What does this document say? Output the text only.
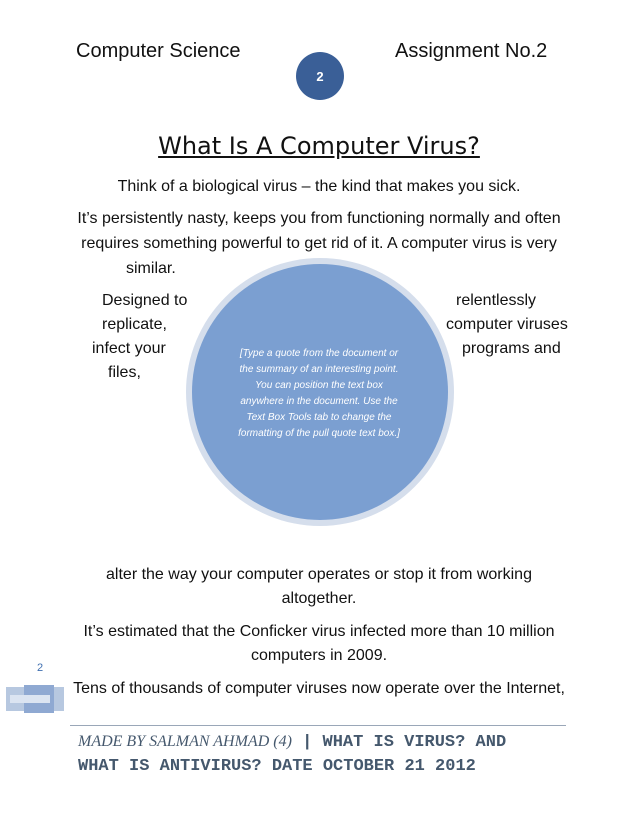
Computer Science	Assignment No.2
2
What Is A Computer Virus?
Think of a biological virus – the kind that makes you sick.
It’s persistently nasty, keeps you from functioning normally and often
requires something powerful to get rid of it. A computer virus is very
similar.
Designed to
replicate,
infect your
files,
relentlessly
computer viruses
programs and
[Type a quote from the document or
the summary of an interesting point.
You can position the text box
anywhere in the document. Use the
Text Box Tools tab to change the
formatting of the pull quote text box.]
alter the way your computer operates or stop it from working
altogether.
It’s estimated that the Conficker virus infected more than 10 million
computers in 2009.
Tens of thousands of computer viruses now operate over the Internet,
2
MADE BY SALMAN AHMAD (4) | WHAT IS VIRUS? AND
WHAT IS ANTIVIRUS? DATE OCTOBER 21 2012
